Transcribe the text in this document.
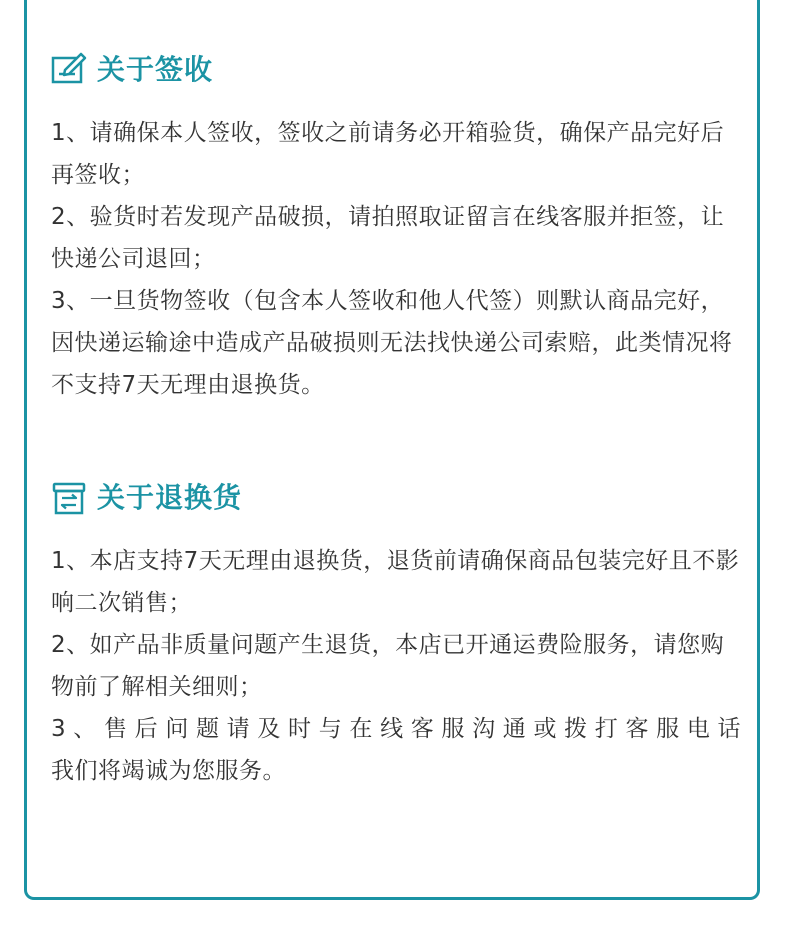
关于签收

1、请确保本人签收，签收之前请务必开箱验货，确保产品完好后再签收；

2、验货时若发现产品破损，请拍照取证留言在线客服并拒签，让快递公司退回；

3、一旦货物签收（包含本人签收和他人代签）则默认商品完好，因快递运输途中造成产品破损则无法找快递公司索赔，此类情况将不支持7天无理由退换货。

关于退换货

1、本店支持7天无理由退换货，退货前请确保商品包装完好且不影响二次销售；

2、如产品非质量问题产生退货，本店已开通运费险服务，请您购物前了解相关细则；

3、售后问题请及时与在线客服沟通或拨打客服电话

我们将竭诚为您服务。
